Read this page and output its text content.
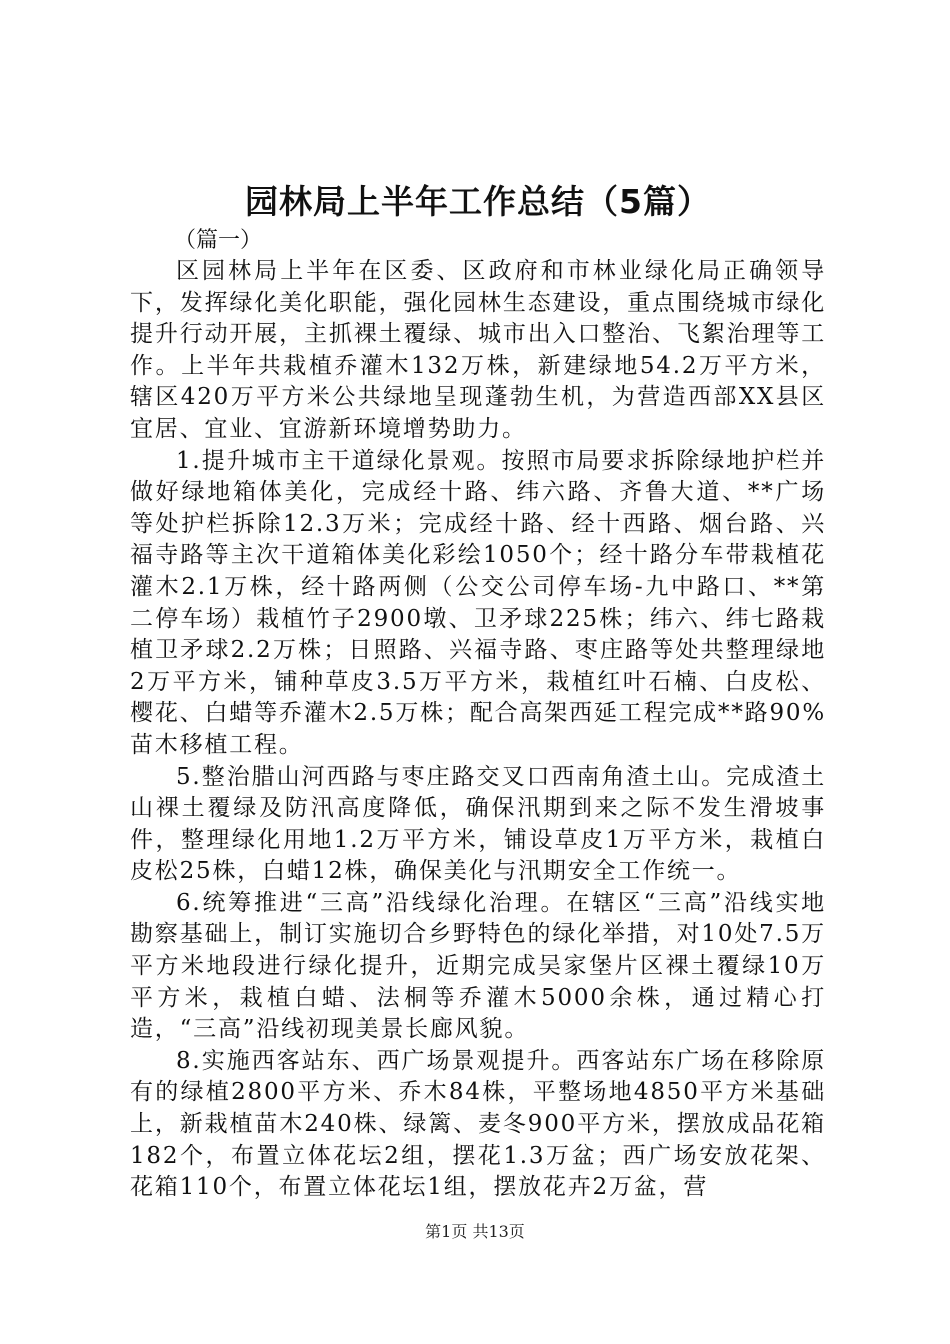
园林局上半年工作总结（5篇）
（篇一）

区园林局上半年在区委、区政府和市林业绿化局正确领导下，发挥绿化美化职能，强化园林生态建设，重点围绕城市绿化提升行动开展，主抓裸土覆绿、城市出入口整治、飞絮治理等工作。上半年共栽植乔灌木132万株，新建绿地54.2万平方米，辖区420万平方米公共绿地呈现蓬勃生机，为营造西部XX县区宜居、宜业、宜游新环境增势助力。

1.提升城市主干道绿化景观。按照市局要求拆除绿地护栏并做好绿地箱体美化，完成经十路、纬六路、齐鲁大道、**广场等处护栏拆除12.3万米；完成经十路、经十西路、烟台路、兴福寺路等主次干道箱体美化彩绘1050个；经十路分车带栽植花灌木2.1万株，经十路两侧（公交公司停车场-九中路口、**第二停车场）栽植竹子2900墩、卫矛球225株；纬六、纬七路栽植卫矛球2.2万株；日照路、兴福寺路、枣庄路等处共整理绿地2万平方米，铺种草皮3.5万平方米，栽植红叶石楠、白皮松、樱花、白蜡等乔灌木2.5万株；配合高架西延工程完成**路90%苗木移植工程。

5.整治腊山河西路与枣庄路交叉口西南角渣土山。完成渣土山裸土覆绿及防汛高度降低，确保汛期到来之际不发生滑坡事件，整理绿化用地1.2万平方米，铺设草皮1万平方米，栽植白皮松25株，白蜡12株，确保美化与汛期安全工作统一。

6.统筹推进“三高”沿线绿化治理。在辖区“三高”沿线实地勘察基础上，制订实施切合乡野特色的绿化举措，对10处7.5万平方米地段进行绿化提升，近期完成吴家堡片区裸土覆绿10万平方米，栽植白蜡、法桐等乔灌木5000余株，通过精心打造，“三高”沿线初现美景长廊风貌。

8.实施西客站东、西广场景观提升。西客站东广场在移除原有的绿植2800平方米、乔木84株，平整场地4850平方米基础上，新栽植苗木240株、绿篱、麦冬900平方米，摆放成品花箱182个，布置立体花坛2组，摆花1.3万盆；西广场安放花架、花箱110个，布置立体花坛1组，摆放花卉2万盆，营

第1页 共13页
